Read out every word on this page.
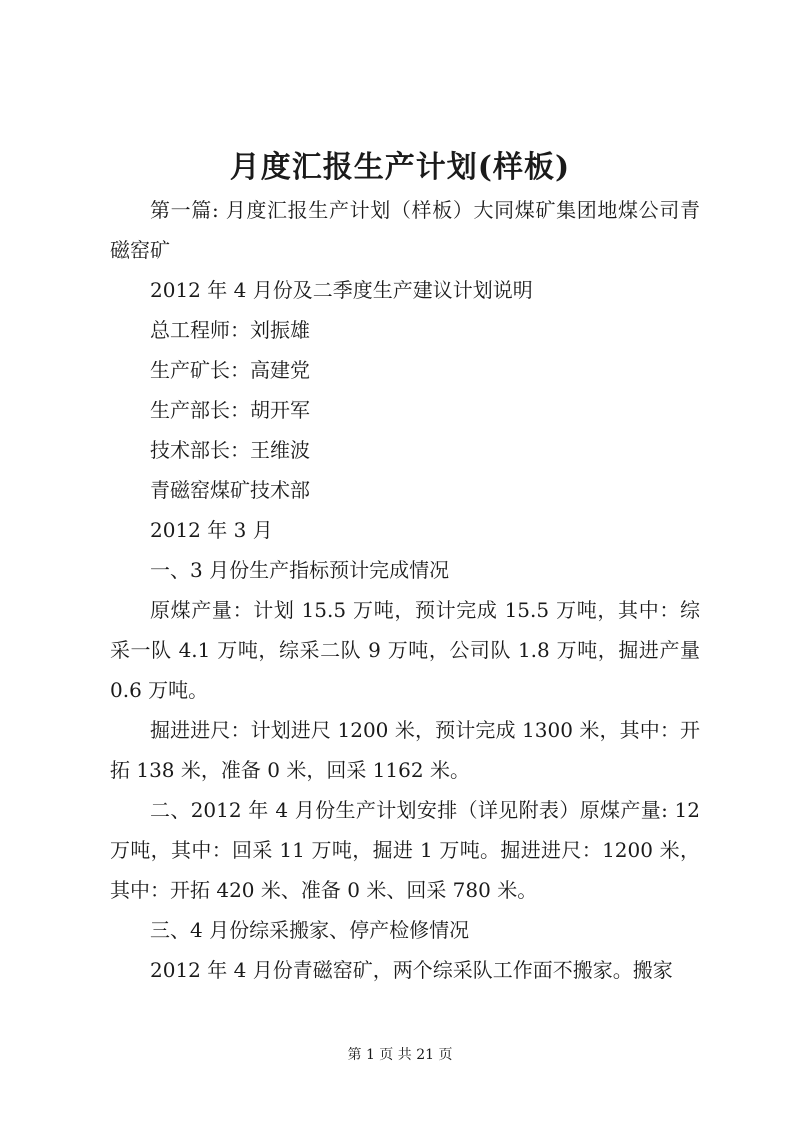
月度汇报生产计划(样板)

第一篇: 月度汇报生产计划（样板）大同煤矿集团地煤公司青磁窑矿

2012 年 4 月份及二季度生产建议计划说明

总工程师：刘振雄

生产矿长：高建党

生产部长：胡开军

技术部长：王维波

青磁窑煤矿技术部

2012 年 3 月

一、3 月份生产指标预计完成情况

原煤产量：计划 15.5 万吨，预计完成 15.5 万吨，其中：综采一队 4.1 万吨，综采二队 9 万吨，公司队 1.8 万吨，掘进产量 0.6 万吨。

掘进进尺：计划进尺 1200 米，预计完成 1300 米，其中：开拓 138 米，准备 0 米，回采 1162 米。

二、2012 年 4 月份生产计划安排（详见附表）原煤产量: 12 万吨，其中：回采 11 万吨，掘进 1 万吨。掘进进尺：1200 米，其中：开拓 420 米、准备 0 米、回采 780 米。

三、4 月份综采搬家、停产检修情况

2012 年 4 月份青磁窑矿，两个综采队工作面不搬家。搬家

第 1 页 共 21 页
